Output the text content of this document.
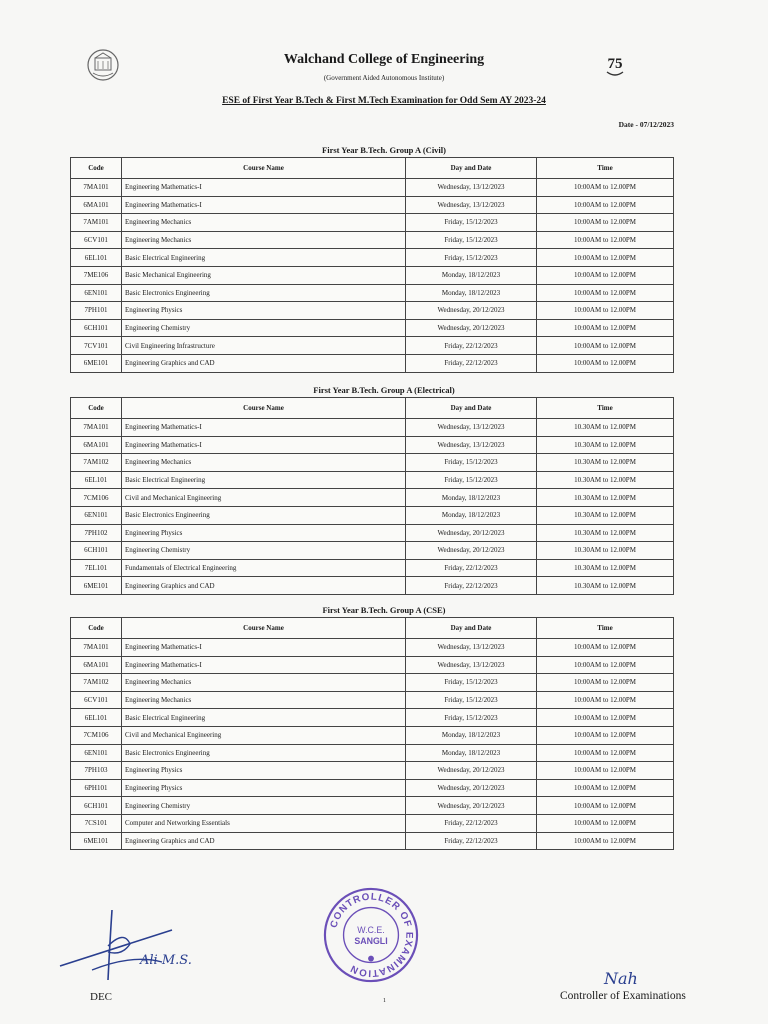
75
Walchand College of Engineering
(Government Aided Autonomous Institute)
ESE of First Year B.Tech & First M.Tech Examination for Odd Sem AY 2023-24
Date - 07/12/2023
First Year B.Tech. Group A (Civil)
Code	Course Name	Day and Date	Time
7MA101	Engineering Mathematics-I	Wednesday, 13/12/2023	10:00AM to 12.00PM
6MA101	Engineering Mathematics-I	Wednesday, 13/12/2023	10:00AM to 12.00PM
7AM101	Engineering Mechanics	Friday, 15/12/2023	10:00AM to 12.00PM
6CV101	Engineering Mechanics	Friday, 15/12/2023	10:00AM to 12.00PM
6EL101	Basic Electrical Engineering	Friday, 15/12/2023	10:00AM to 12.00PM
7ME106	Basic Mechanical Engineering	Monday, 18/12/2023	10:00AM to 12.00PM
6EN101	Basic Electronics Engineering	Monday, 18/12/2023	10:00AM to 12.00PM
7PH101	Engineering Physics	Wednesday, 20/12/2023	10:00AM to 12.00PM
6CH101	Engineering Chemistry	Wednesday, 20/12/2023	10:00AM to 12.00PM
7CV101	Civil Engineering Infrastructure	Friday, 22/12/2023	10:00AM to 12.00PM
6ME101	Engineering Graphics and CAD	Friday, 22/12/2023	10:00AM to 12.00PM
First Year B.Tech. Group A (Electrical)
Code	Course Name	Day and Date	Time
7MA101	Engineering Mathematics-I	Wednesday, 13/12/2023	10.30AM to 12.00PM
6MA101	Engineering Mathematics-I	Wednesday, 13/12/2023	10.30AM to 12.00PM
7AM102	Engineering Mechanics	Friday, 15/12/2023	10.30AM to 12.00PM
6EL101	Basic Electrical Engineering	Friday, 15/12/2023	10.30AM to 12.00PM
7CM106	Civil and Mechanical Engineering	Monday, 18/12/2023	10.30AM to 12.00PM
6EN101	Basic Electronics Engineering	Monday, 18/12/2023	10.30AM to 12.00PM
7PH102	Engineering Physics	Wednesday, 20/12/2023	10.30AM to 12.00PM
6CH101	Engineering Chemistry	Wednesday, 20/12/2023	10.30AM to 12.00PM
7EL101	Fundamentals of Electrical Engineering	Friday, 22/12/2023	10.30AM to 12.00PM
6ME101	Engineering Graphics and CAD	Friday, 22/12/2023	10.30AM to 12.00PM
First Year B.Tech. Group A (CSE)
Code	Course Name	Day and Date	Time
7MA101	Engineering Mathematics-I	Wednesday, 13/12/2023	10:00AM to 12.00PM
6MA101	Engineering Mathematics-I	Wednesday, 13/12/2023	10:00AM to 12.00PM
7AM102	Engineering Mechanics	Friday, 15/12/2023	10:00AM to 12.00PM
6CV101	Engineering Mechanics	Friday, 15/12/2023	10:00AM to 12.00PM
6EL101	Basic Electrical Engineering	Friday, 15/12/2023	10:00AM to 12.00PM
7CM106	Civil and Mechanical Engineering	Monday, 18/12/2023	10:00AM to 12.00PM
6EN101	Basic Electronics Engineering	Monday, 18/12/2023	10:00AM to 12.00PM
7PH103	Engineering Physics	Wednesday, 20/12/2023	10:00AM to 12.00PM
6PH101	Engineering Physics	Wednesday, 20/12/2023	10:00AM to 12.00PM
6CH101	Engineering Chemistry	Wednesday, 20/12/2023	10:00AM to 12.00PM
7CS101	Computer and Networking Essentials	Friday, 22/12/2023	10:00AM to 12.00PM
6ME101	Engineering Graphics and CAD	Friday, 22/12/2023	10:00AM to 12.00PM
Ali M.S.
DEC
CONTROLLER OF EXAMINATION
W.C.E.
SANGLI
1
Nah
Controller of Examinations
